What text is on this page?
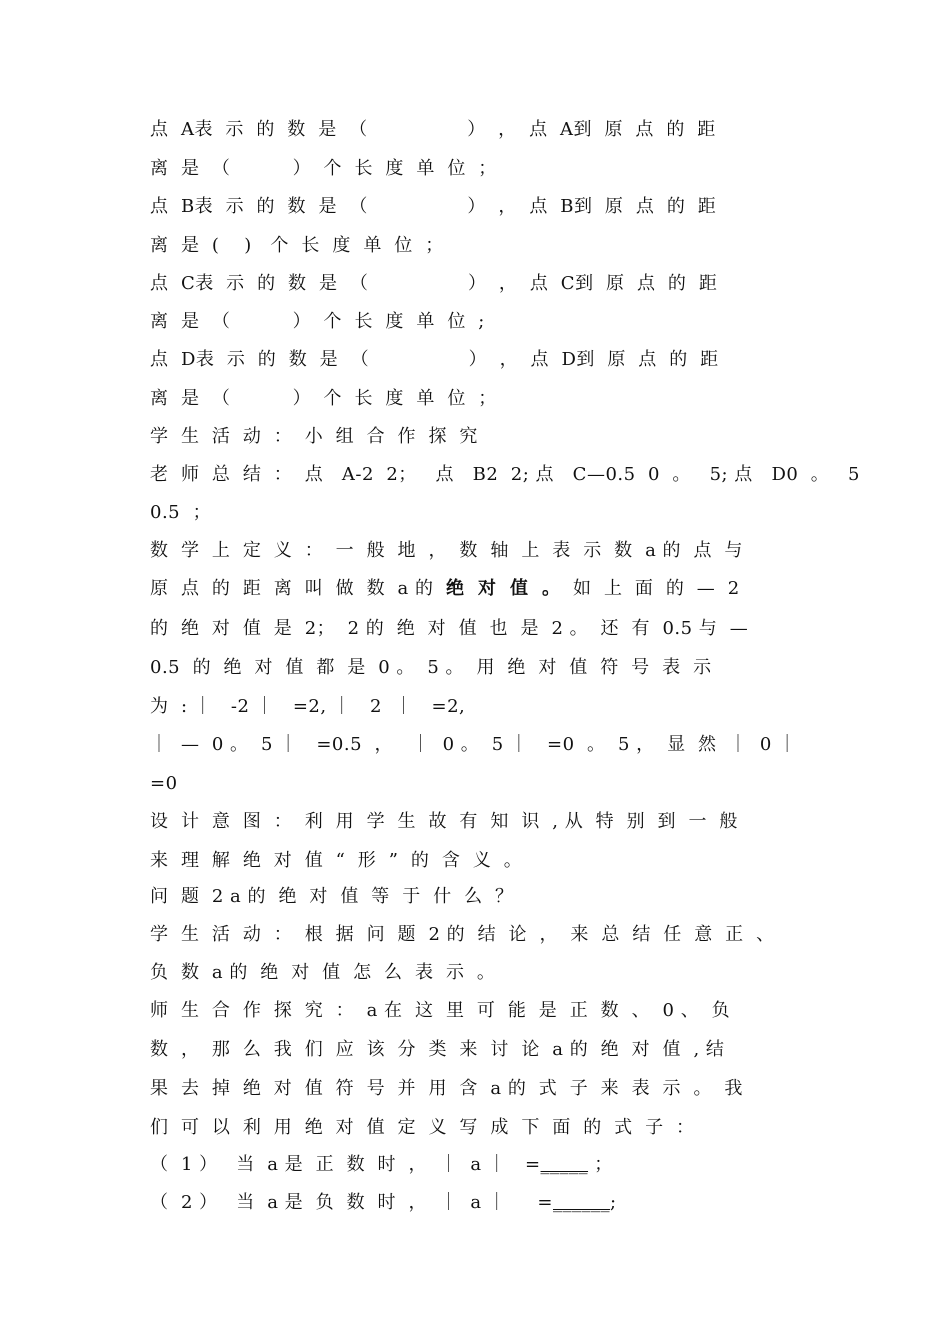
点  A表  示  的  数  是  （                ）  ，  点  A到  原  点  的  距
离  是  （          ）  个  长  度  单  位  ；
点  B表  示  的  数  是  （                ）  ，  点  B到  原  点  的  距
离  是  (    )   个  长  度  单  位  ；
点  C表  示  的  数  是  （                ）  ，  点  C到  原  点  的  距
离  是  （          ）  个  长  度  单  位  ;
点  D表  示  的  数  是  （                ）  ，  点  D到  原  点  的  距
离  是  （          ）  个  长  度  单  位  ；
学  生  活  动  ：  小  组  合  作  探  究
老  师  总  结  ：  点   A-2  2；   点   B2  2; 点   C—0.5  0  。   5; 点   D0  。   5
0.5  ；
数  学  上  定  义  ：  一  般  地  ，  数  轴  上  表  示  数  a 的  点  与
原  点  的  距  离  叫  做  数  a 的  绝  对  值  。  如  上  面  的  —  2
的  绝  对  值  是  2；  2 的  绝  对  值  也  是  2 。  还  有  0.5 与  —
0.5  的  绝  对  值  都  是  0 。  5 。  用  绝  对  值  符  号  表  示
为  : ｜   -2 ｜   =2, ｜   2  ｜   =2,
｜  —  0 。  5 ｜   =0.5  ，   ｜  0 。  5 ｜   =0  。  5 ，  显  然  ｜  0 ｜
=0
设  计  意  图  ：  利  用  学  生  故  有  知  识  , 从  特  别  到  一  般
来  理  解  绝  对  值  “  形  ”  的  含  义  。
问  题  2 a 的  绝  对  值  等  于  什  么  ？
学  生  活  动  ：  根  据  问  题  2 的  结  论  ，  来  总  结  任  意  正  、
负  数  a 的  绝  对  值  怎  么  表  示  。
师  生  合  作  探  究  ：  a 在  这  里  可  能  是  正  数  、  0 、  负
数  ，  那  么  我  们  应  该  分  类  来  讨  论  a 的  绝  对  值  , 结
果  去  掉  绝  对  值  符  号  并  用  含  a 的  式  子  来  表  示  。  我
们  可  以  利  用  绝  对  值  定  义  写  成  下  面  的  式  子  ：
（  1 ）   当  a 是  正  数  时  ，  ｜  a ｜   =_____ ；
（  2 ）   当  a 是  负  数  时  ，  ｜  a ｜     =______;
